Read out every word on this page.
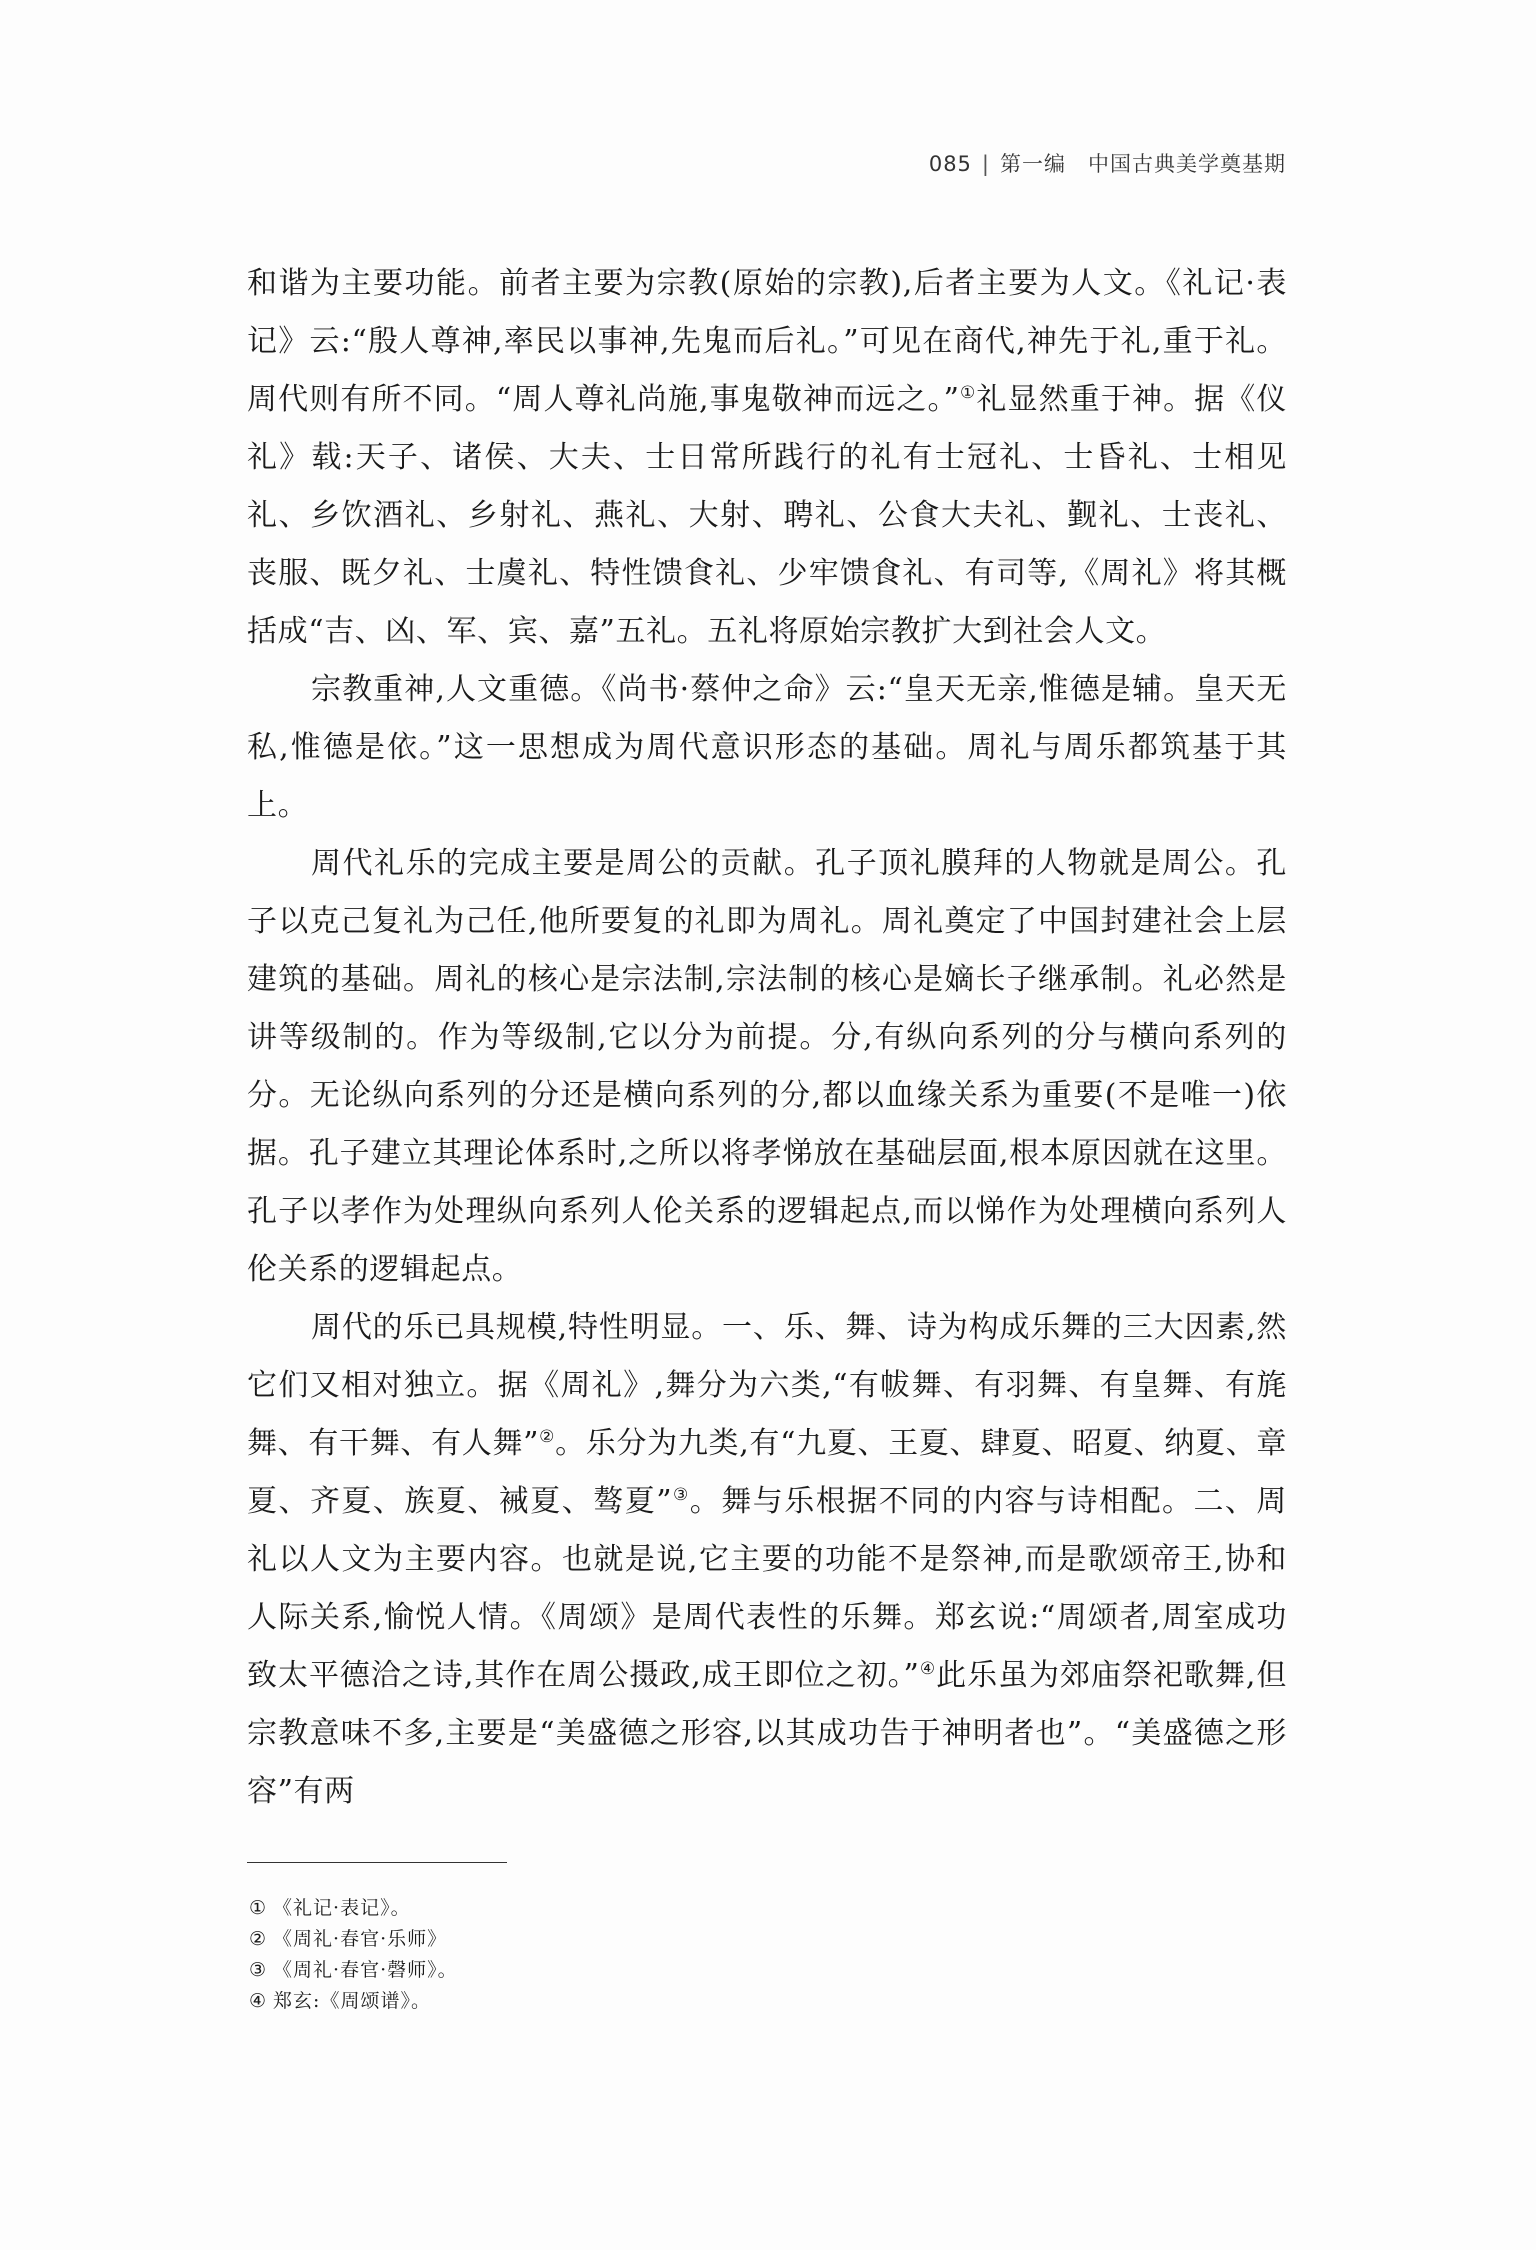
085 | 第一编 中国古典美学奠基期

和谐为主要功能。前者主要为宗教(原始的宗教),后者主要为人文。《礼记·表记》云:“殷人尊神,率民以事神,先鬼而后礼。”可见在商代,神先于礼,重于礼。周代则有所不同。“周人尊礼尚施,事鬼敬神而远之。”①礼显然重于神。据《仪礼》载:天子、诸侯、大夫、士日常所践行的礼有士冠礼、士昏礼、士相见礼、乡饮酒礼、乡射礼、燕礼、大射、聘礼、公食大夫礼、觐礼、士丧礼、丧服、既夕礼、士虞礼、特性馈食礼、少牢馈食礼、有司等,《周礼》将其概括成“吉、凶、军、宾、嘉”五礼。五礼将原始宗教扩大到社会人文。

宗教重神,人文重德。《尚书·蔡仲之命》云:“皇天无亲,惟德是辅。皇天无私,惟德是依。”这一思想成为周代意识形态的基础。周礼与周乐都筑基于其上。

周代礼乐的完成主要是周公的贡献。孔子顶礼膜拜的人物就是周公。孔子以克己复礼为己任,他所要复的礼即为周礼。周礼奠定了中国封建社会上层建筑的基础。周礼的核心是宗法制,宗法制的核心是嫡长子继承制。礼必然是讲等级制的。作为等级制,它以分为前提。分,有纵向系列的分与横向系列的分。无论纵向系列的分还是横向系列的分,都以血缘关系为重要(不是唯一)依据。孔子建立其理论体系时,之所以将孝悌放在基础层面,根本原因就在这里。孔子以孝作为处理纵向系列人伦关系的逻辑起点,而以悌作为处理横向系列人伦关系的逻辑起点。

周代的乐已具规模,特性明显。一、乐、舞、诗为构成乐舞的三大因素,然它们又相对独立。据《周礼》,舞分为六类,“有帗舞、有羽舞、有皇舞、有旄舞、有干舞、有人舞”②。乐分为九类,有“九夏、王夏、肆夏、昭夏、纳夏、章夏、齐夏、族夏、裓夏、骜夏”③。舞与乐根据不同的内容与诗相配。二、周礼以人文为主要内容。也就是说,它主要的功能不是祭神,而是歌颂帝王,协和人际关系,愉悦人情。《周颂》是周代表性的乐舞。郑玄说:“周颂者,周室成功致太平德洽之诗,其作在周公摄政,成王即位之初。”④此乐虽为郊庙祭祀歌舞,但宗教意味不多,主要是“美盛德之形容,以其成功告于神明者也”。“美盛德之形容”有两

① 《礼记·表记》。
② 《周礼·春官·乐师》
③ 《周礼·春官·磬师》。
④ 郑玄:《周颂谱》。
